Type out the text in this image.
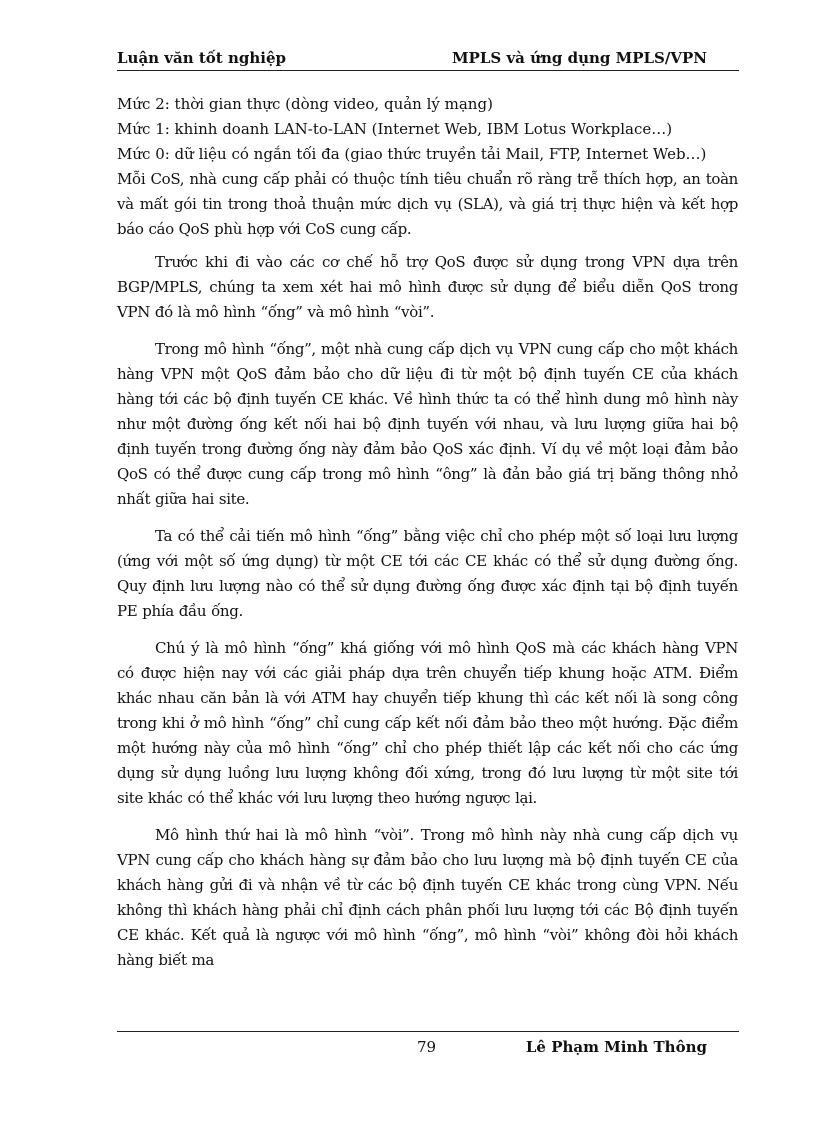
Luận văn tốt nghiệp	MPLS và ứng dụng MPLS/VPN

Mức 2: thời gian thực (dòng video, quản lý mạng)

Mức 1: khinh doanh LAN-to-LAN (Internet Web, IBM Lotus Workplace…)

Mức 0: dữ liệu có ngắn tối đa (giao thức truyền tải Mail, FTP, Internet Web…)

Mỗi CoS, nhà cung cấp phải có thuộc tính tiêu chuẩn rõ ràng trễ thích hợp, an toàn và mất gói tin trong thoả thuận mức dịch vụ (SLA), và giá trị thực hiện và kết hợp báo cáo QoS phù hợp với CoS cung cấp.

Trước khi đi vào các cơ chế hỗ trợ QoS được sử dụng trong VPN dựa trên BGP/MPLS, chúng ta xem xét hai mô hình được sử dụng để biểu diễn QoS trong VPN đó là mô hình “ống” và mô hình “vòi”.

Trong mô hình “ống”, một nhà cung cấp dịch vụ VPN cung cấp cho một khách hàng VPN một QoS đảm bảo cho dữ liệu đi từ một bộ định tuyến CE của khách hàng tới các bộ định tuyến CE khác. Về hình thức ta có thể hình dung mô hình này như một đường ống kết nối hai bộ định tuyến với nhau, và lưu lượng giữa hai bộ định tuyến trong đường ống này đảm bảo QoS xác định. Ví dụ về một loại đảm bảo QoS có thể được cung cấp trong mô hình “ông” là đản bảo giá trị băng thông nhỏ nhất giữa hai site.

Ta có thể cải tiến mô hình “ống” bằng việc chỉ cho phép một số loại lưu lượng (ứng với một số ứng dụng) từ một CE tới các CE khác có thể sử dụng đường ống. Quy định lưu lượng nào có thể sử dụng đường ống được xác định tại bộ định tuyến PE phía đầu ống.

Chú ý là mô hình “ống” khá giống với mô hình QoS mà các khách hàng VPN có được hiện nay với các giải pháp dựa trên chuyển tiếp khung hoặc ATM. Điểm khác nhau căn bản là với ATM hay chuyển tiếp khung thì các kết nối là song công trong khi ở mô hình “ống” chỉ cung cấp kết nối đảm bảo theo một hướng. Đặc điểm một hướng này của mô hình “ống” chỉ cho phép thiết lập các kết nối cho các ứng dụng sử dụng luồng lưu lượng không đối xứng, trong đó lưu lượng từ một site tới site khác có thể khác với lưu lượng theo hướng ngược lại.

Mô hình thứ hai là mô hình “vòi”. Trong mô hình này nhà cung cấp dịch vụ VPN cung cấp cho khách hàng sự đảm bảo cho lưu lượng mà bộ định tuyến CE của khách hàng gửi đi và nhận về từ các bộ định tuyến CE khác trong cùng VPN. Nếu không thì khách hàng phải chỉ định cách phân phối lưu lượng tới các Bộ định tuyến CE khác. Kết quả là ngược với mô hình “ống”, mô hình “vòi” không đòi hỏi khách hàng biết ma

79	Lê Phạm Minh Thông
